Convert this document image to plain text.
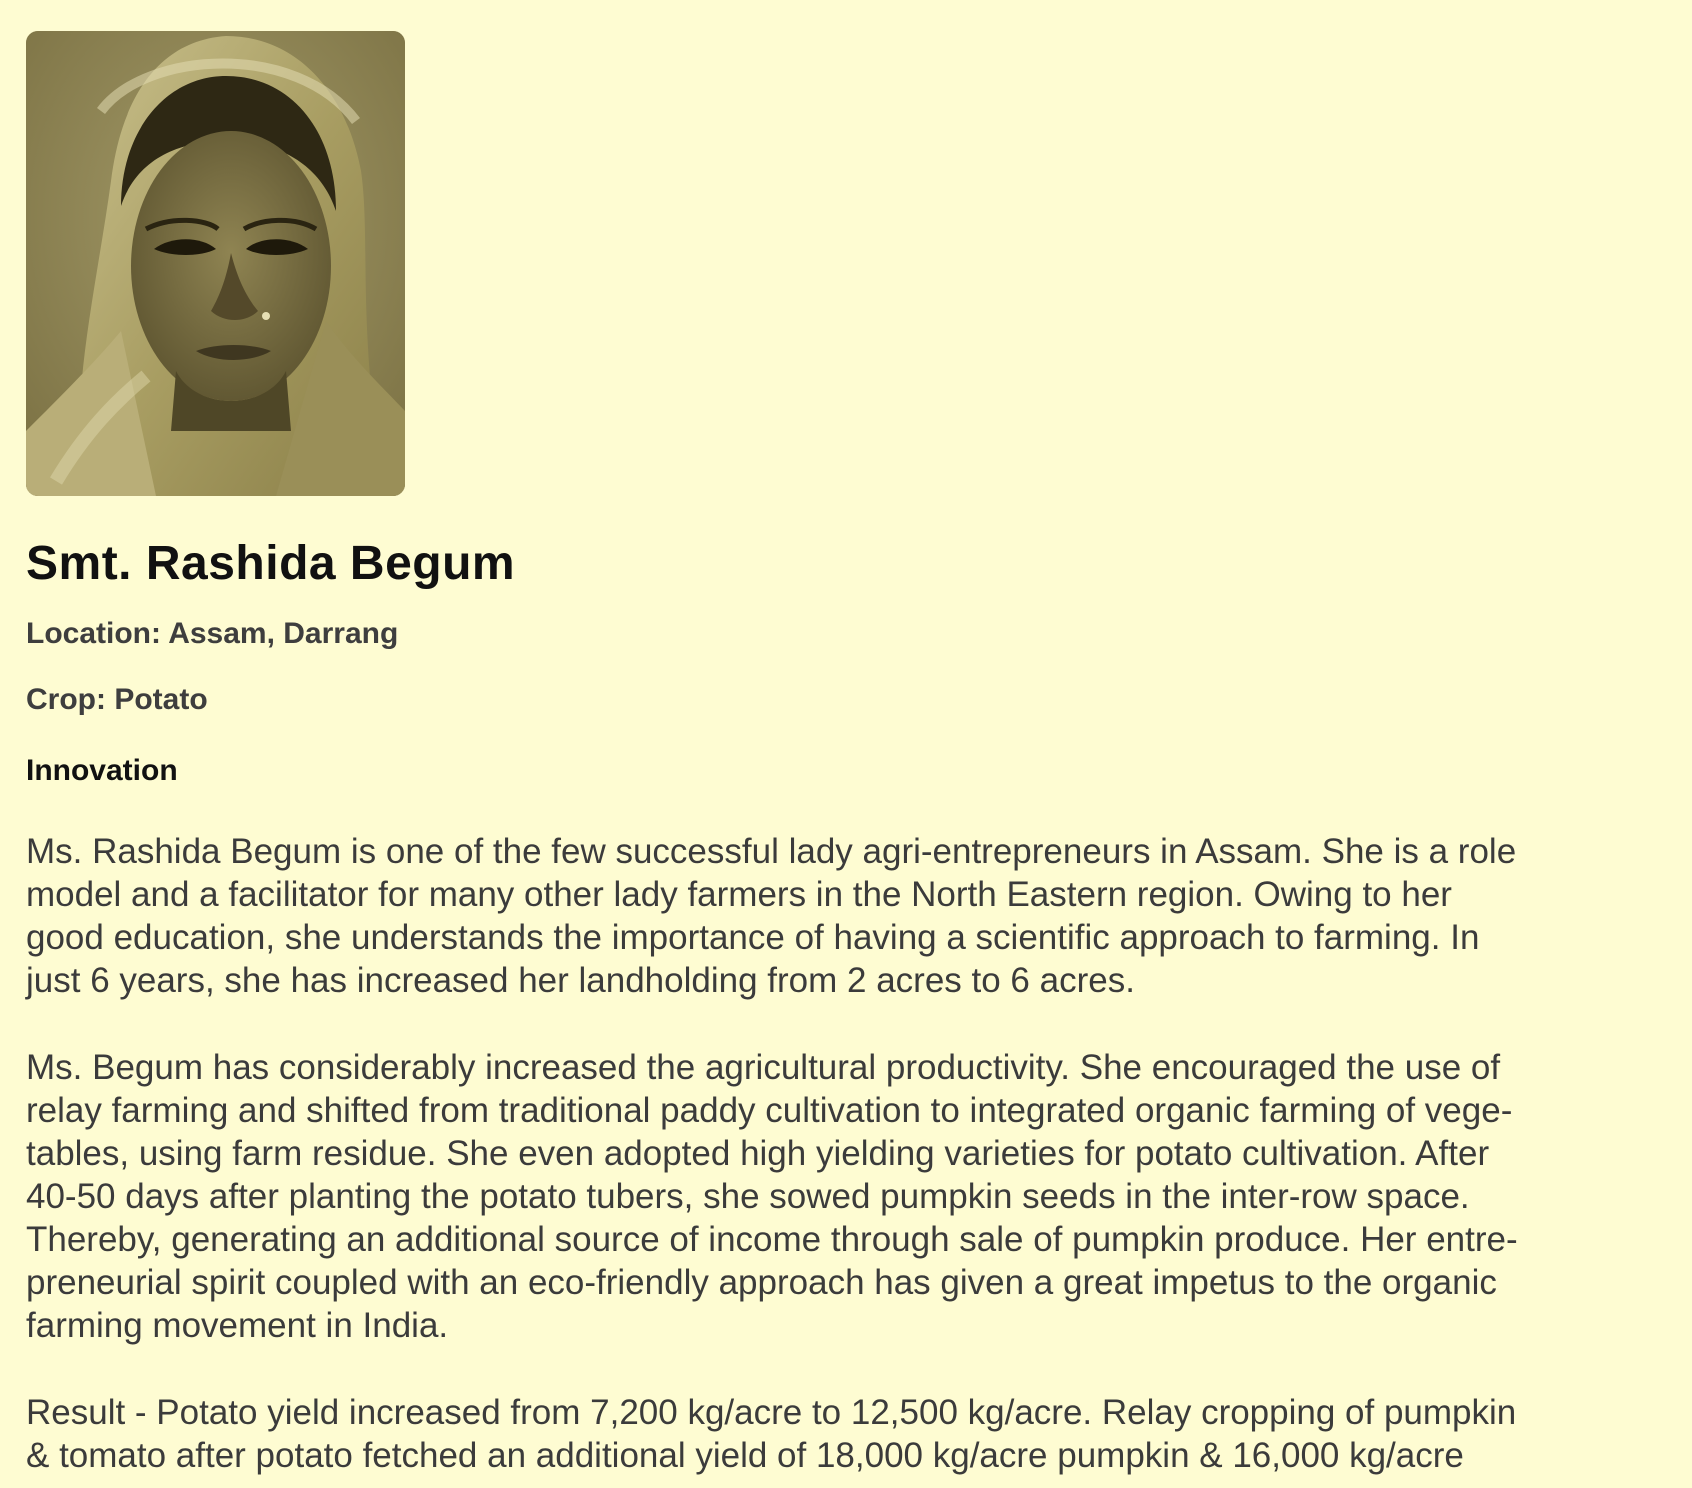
Smt. Rashida Begum

Location: Assam, Darrang

Crop: Potato

Innovation

Ms. Rashida Begum is one of the few successful lady agri-entrepreneurs in Assam. She is a role
model and a facilitator for many other lady farmers in the North Eastern region. Owing to her
good education, she understands the importance of having a scientific approach to farming. In
just 6 years, she has increased her landholding from 2 acres to 6 acres.

Ms. Begum has considerably increased the agricultural productivity. She encouraged the use of
relay farming and shifted from traditional paddy cultivation to integrated organic farming of vege-
tables, using farm residue. She even adopted high yielding varieties for potato cultivation. After
40-50 days after planting the potato tubers, she sowed pumpkin seeds in the inter-row space.
Thereby, generating an additional source of income through sale of pumpkin produce. Her entre-
preneurial spirit coupled with an eco-friendly approach has given a great impetus to the organic
farming movement in India.

Result - Potato yield increased from 7,200 kg/acre to 12,500 kg/acre. Relay cropping of pumpkin
& tomato after potato fetched an additional yield of 18,000 kg/acre pumpkin & 16,000 kg/acre
